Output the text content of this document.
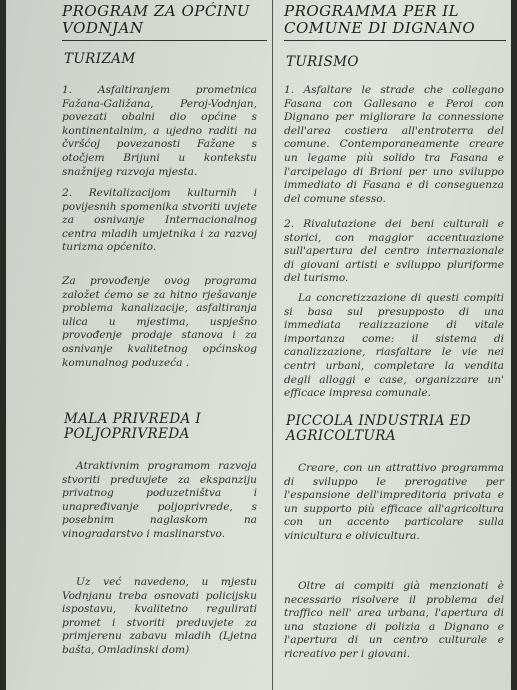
PROGRAM ZA OPĆINU VODNJAN
TURIZAM
1. Asfaltiranjem prometnica Fažana-Galižana, Peroj-Vodnjan, povezati obalni dio općine s kontinentalnim, a ujedno raditi na čvršćoj povezanosti Fažane s otočjem Brijuni u kontekstu snažnijeg razvoja mjesta.
2. Revitalizacijom kulturnih i povijesnih spomenika stvoriti uvjete za osnivanje Internacionalnog centra mladih umjetnika i za razvoj turizma općenito.
Za provođenje ovog programa založet ćemo se za hitno rješavanje problema kanalizacije, asfaltiranja ulica u mjestima, uspješno provođenje prodaje stanova i za osnivanje kvalitetnog općinskog komunalnog poduzeća .
MALA PRIVREDA I POLJOPRIVREDA
Atraktivnim programom razvoja stvoriti preduvjete za ekspanziju privatnog poduzetništva i unapređivanje poljoprivrede, s posebnim naglaskom na vinogradarstvo i maslinarstvo.
Uz već navedeno, u mjestu Vodnjanu treba osnovati policijsku ispostavu, kvalitetno regulirati promet i stvoriti preduvjete za primjerenu zabavu mladih (Ljetna bašta, Omladinski dom)
PROGRAMMA PER IL COMUNE DI DIGNANO
TURISMO
1. Asfaltare le strade che collegano Fasana con Gallesano e Peroi con Dignano per migliorare la connessione dell'area costiera all'entroterra del comune. Contemporaneamente creare un legame più solido tra Fasana e l'arcipelago di Brioni per uno sviluppo immediato di Fasana e di conseguenza del comune stesso.
2. Rivalutazione dei beni culturali e storici, con maggior accentuazione sull'apertura del centro internazionale di giovani artisti e sviluppo pluriforme del turismo.
La concretizzazione di questi compiti si basa sul presupposto di una immediata realizzazione di vitale importanza come: il sistema di canalizzazione, riasfaltare le vie nei centri urbani, completare la vendita degli alloggi e case, organizzare un' efficace impresa comunale.
PICCOLA INDUSTRIA ED AGRICOLTURA
Creare, con un attrattivo programma di sviluppo le prerogative per l'espansione dell'impreditoria privata e un supporto più efficace all'agricoltura con un accento particolare sulla vinicultura e olivicultura.
Oltre ai compiti già menzionati è necessario risolvere il problema del traffico nell' area urbana, l'apertura di una stazione di polizia a Dignano e l'apertura di un centro culturale e ricreativo per i giovani.
